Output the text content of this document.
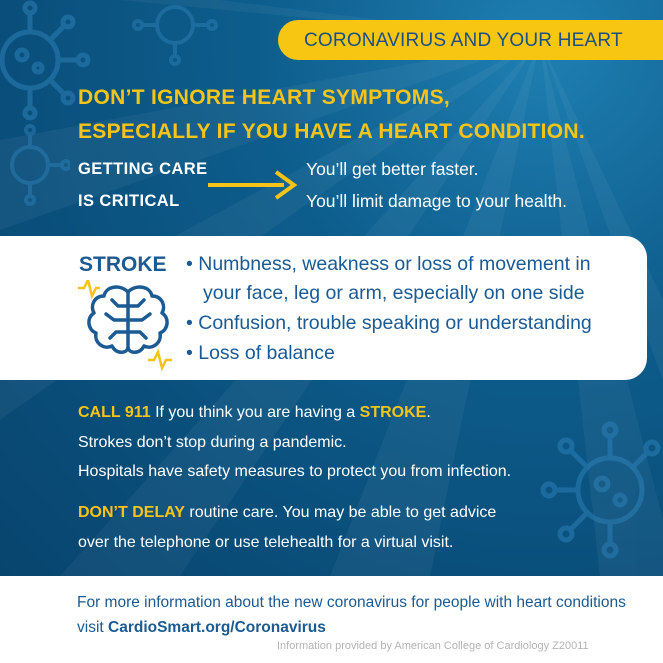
CORONAVIRUS AND YOUR HEART
DON’T IGNORE HEART SYMPTOMS,
ESPECIALLY IF YOU HAVE A HEART CONDITION.
GETTING CARE
IS CRITICAL
You’ll get better faster.
You’ll limit damage to your health.
CALL 911 If you think you are having a STROKE.
Strokes don’t stop during a pandemic.
Hospitals have safety measures to protect you from infection.
DON’T DELAY routine care. You may be able to get advice
over the telephone or use telehealth for a virtual visit.
STROKE • Numbness, weakness or loss of movement in
your face, leg or arm, especially on one side
• Confusion, trouble speaking or understanding
• Loss of balance
For more information about the new coronavirus for people with heart conditions
visit CardioSmart.org/Coronavirus
Information provided by American College of Cardiology Z20011
